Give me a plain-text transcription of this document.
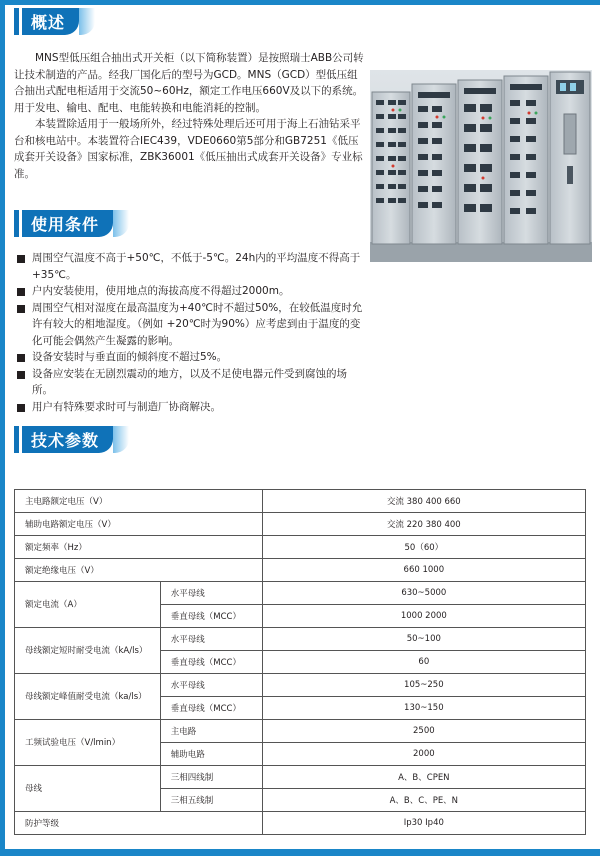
概述

MNS型低压组合抽出式开关柜（以下简称装置）是按照瑞士ABB公司转让技术制造的产品。经我厂国化后的型号为GCD。MNS（GCD）型低压组合抽出式配电柜适用于交流50~60Hz，额定工作电压660V及以下的系统。用于发电、输电、配电、电能转换和电能消耗的控制。

本装置除适用于一般场所外，经过特殊处理后还可用于海上石油钻采平台和核电站中。本装置符合IEC439，VDE0660第5部分和GB7251《低压成套开关设备》国家标准，ZBK36001《低压抽出式成套开关设备》专业标准。

使用条件
周围空气温度不高于+50℃，不低于-5℃。24h内的平均温度不得高于+35℃。
户内安装使用，使用地点的海拔高度不得超过2000m。
周围空气相对湿度在最高温度为+40℃时不超过50%，在较低温度时允许有较大的相地湿度。（例如 +20℃时为90%）应考虑到由于温度的变化可能会偶然产生凝露的影响。
设备安装时与垂直面的倾斜度不超过5%。
设备应安装在无剧烈震动的地方，以及不足使电器元件受到腐蚀的场所。
用户有特殊要求时可与制造厂协商解决。
技术参数

主电路额定电压（V）		交流 380 400 660
辅助电路额定电压（V）		交流 220 380 400
额定频率（Hz）		50（60）
额定绝缘电压（V）		660 1000
额定电流（A）	水平母线	630~5000
	垂直母线（MCC）	1000 2000
母线额定短时耐受电流（kA/ls）	水平母线	50~100
	垂直母线（MCC）	60
母线额定峰值耐受电流（ka/ls）	水平母线	105~250
	垂直母线（MCC）	130~150
工频试验电压（V/lmin）	主电路	2500
	辅助电路	2000
母线	三相四线制	A、B、CPEN
	三相五线制	A、B、C、PE、N
防护等级		Ip30 Ip40
